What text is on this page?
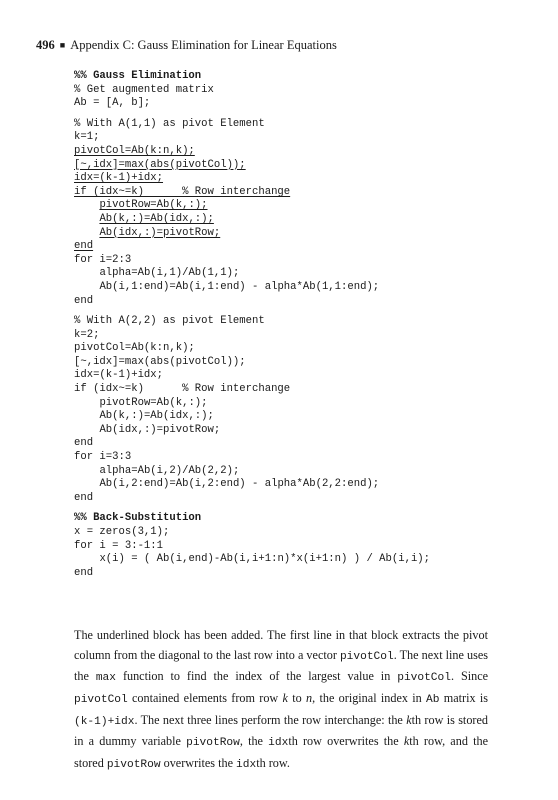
496 ■ Appendix C: Gauss Elimination for Linear Equations
%% Gauss Elimination
% Get augmented matrix
Ab = [A, b];
% With A(1,1) as pivot Element
k=1;
pivotCol=Ab(k:n,k);
[~,idx]=max(abs(pivotCol));
idx=(k-1)+idx;
if (idx~=k)      % Row interchange
pivotRow=Ab(k,:);
Ab(k,:)=Ab(idx,:);
Ab(idx,:)=pivotRow;
end
for i=2:3
alpha=Ab(i,1)/Ab(1,1);
Ab(i,1:end)=Ab(i,1:end) - alpha*Ab(1,1:end);
end
% With A(2,2) as pivot Element
k=2;
pivotCol=Ab(k:n,k);
[~,idx]=max(abs(pivotCol));
idx=(k-1)+idx;
if (idx~=k)      % Row interchange
pivotRow=Ab(k,:);
Ab(k,:)=Ab(idx,:);
Ab(idx,:)=pivotRow;
end
for i=3:3
alpha=Ab(i,2)/Ab(2,2);
Ab(i,2:end)=Ab(i,2:end) - alpha*Ab(2,2:end);
end
%% Back-Substitution
x = zeros(3,1);
for i = 3:-1:1
x(i) = ( Ab(i,end)-Ab(i,i+1:n)*x(i+1:n) ) / Ab(i,i);
end

The underlined block has been added. The first line in that block extracts the pivot column from the diagonal to the last row into a vector pivotCol. The next line uses the max function to find the index of the largest value in pivotCol. Since pivotCol contained elements from row k to n, the original index in Ab matrix is (k-1)+idx. The next three lines perform the row interchange: the kth row is stored in a dummy variable pivotRow, the idxth row overwrites the kth row, and the stored pivotRow overwrites the idxth row.
